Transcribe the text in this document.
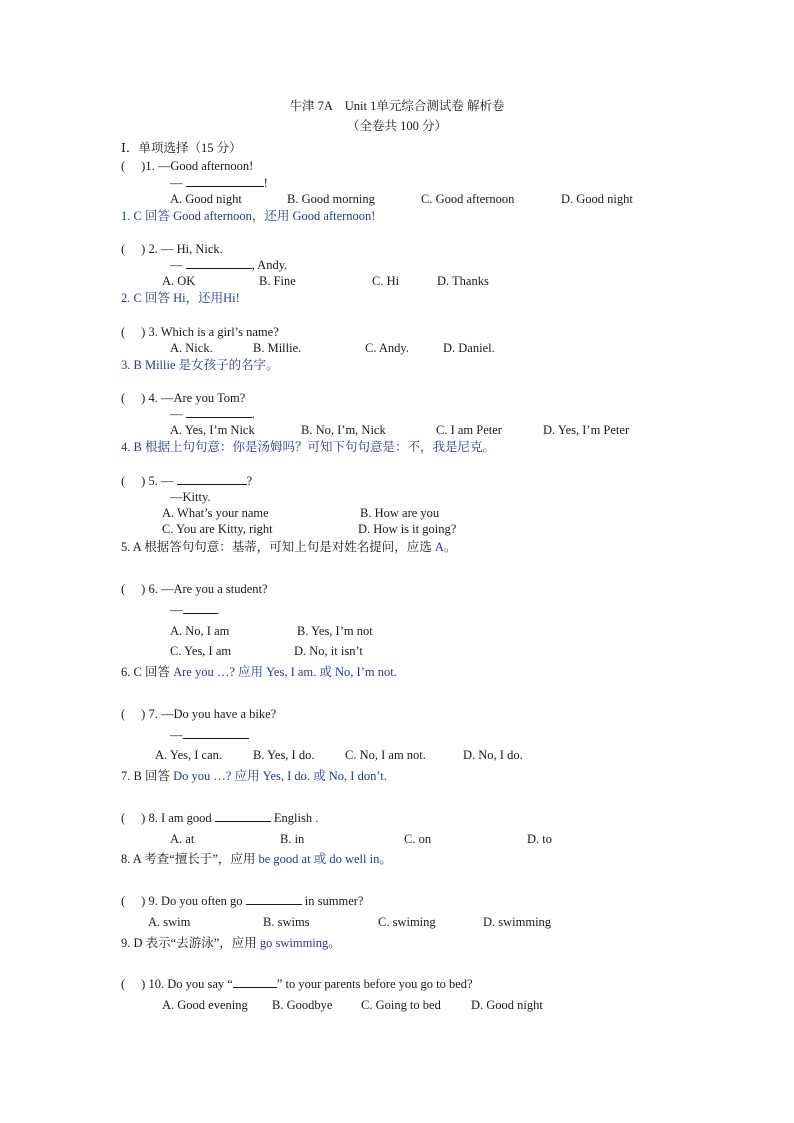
牛津 7A　Unit 1单元综合测试卷 解析卷
（全卷共 100 分）
Ⅰ．单项选择（15 分）
( )1. —Good afternoon!
—	!
A. Good night	B. Good morning	C. Good afternoon	D. Good night
1. C 回答 Good afternoon，还用 Good afternoon!
( ) 2. — Hi, Nick.
—	, Andy.
A. OK	B. Fine	C. Hi	D. Thanks
2. C 回答 Hi，还用Hi!
( ) 3. Which is a girl’s name?
A. Nick.	B. Millie.	C. Andy.	D. Daniel.
3. B Millie 是女孩子的名字。
( ) 4. —Are you Tom?
—	.
A. Yes, I’m Nick	B. No, I’m, Nick	C. I am Peter	D. Yes, I’m Peter
4. B 根据上句句意：你是汤姆吗？可知下句句意是：不，我是尼克。
( ) 5. —	?
—Kitty.
A. What’s your name	B. How are you
C. You are Kitty, right	D. How is it going?
5. A 根据答句句意：基蒂，可知上句是对姓名提问，应选 A。
( ) 6. —Are you a student?
—	.
A. No, I am	B. Yes, I’m not
C. Yes, I am	D. No, it isn’t
6. C 回答 Are you …? 应用 Yes, I am. 或 No, I’m not.
( ) 7. —Do you have a bike?
—
A. Yes, I can. B. Yes, I do. C. No, I am not.	D. No, I do.
7. B 回答 Do you …? 应用 Yes, I do. 或 No, I don’t.
( ) 8. I am good	English .
A. at	B. in	C. on	D. to
8. A 考查“擅长于”，应用 be good at 或 do well in。
( ) 9. Do you often go	in summer?
A. swim	B. swims	C. swiming	D. swimming
9. D 表示“去游泳”，应用 go swimming。
( ) 10. Do you say “	” to your parents before you go to bed?
A. Good evening B. Goodbye C. Going to bed D. Good night
